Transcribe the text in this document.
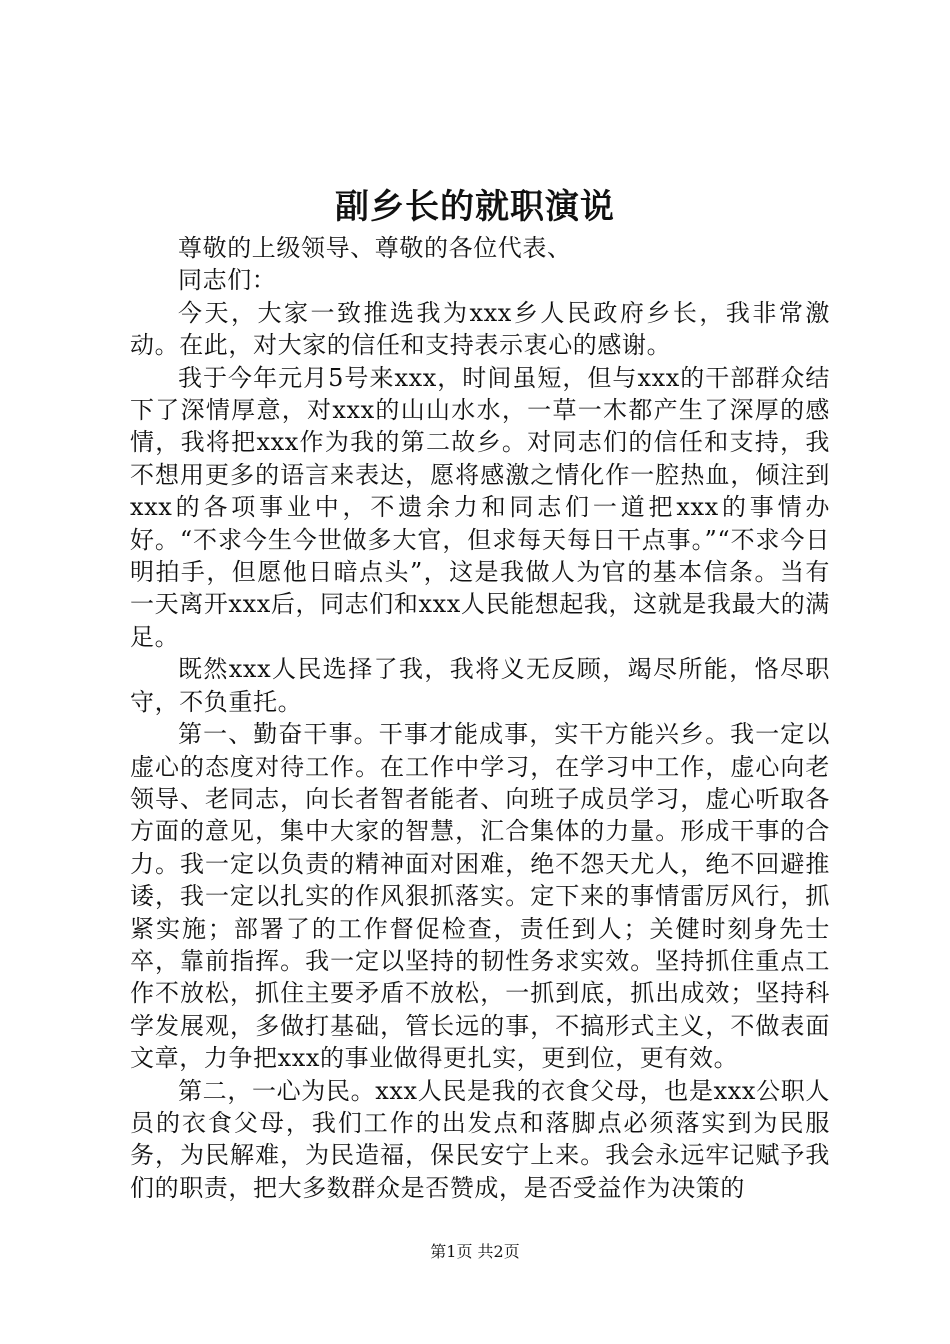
副乡长的就职演说

尊敬的上级领导、尊敬的各位代表、

同志们：

今天，大家一致推选我为xxx乡人民政府乡长，我非常激动。在此，对大家的信任和支持表示衷心的感谢。

我于今年元月5号来xxx，时间虽短，但与xxx的干部群众结下了深情厚意，对xxx的山山水水，一草一木都产生了深厚的感情，我将把xxx作为我的第二故乡。对同志们的信任和支持，我不想用更多的语言来表达，愿将感激之情化作一腔热血，倾注到xxx的各项事业中，不遗余力和同志们一道把xxx的事情办好。“不求今生今世做多大官，但求每天每日干点事。”“不求今日明拍手，但愿他日暗点头”，这是我做人为官的基本信条。当有一天离开xxx后，同志们和xxx人民能想起我，这就是我最大的满足。

既然xxx人民选择了我，我将义无反顾，竭尽所能，恪尽职守，不负重托。

第一、勤奋干事。干事才能成事，实干方能兴乡。我一定以虚心的态度对待工作。在工作中学习，在学习中工作，虚心向老领导、老同志，向长者智者能者、向班子成员学习，虚心听取各方面的意见，集中大家的智慧，汇合集体的力量。形成干事的合力。我一定以负责的精神面对困难，绝不怨天尤人，绝不回避推诿，我一定以扎实的作风狠抓落实。定下来的事情雷厉风行，抓紧实施；部署了的工作督促检查，责任到人；关健时刻身先士卒，靠前指挥。我一定以坚持的韧性务求实效。坚持抓住重点工作不放松，抓住主要矛盾不放松，一抓到底，抓出成效；坚持科学发展观，多做打基础，管长远的事，不搞形式主义，不做表面文章，力争把xxx的事业做得更扎实，更到位，更有效。

第二，一心为民。xxx人民是我的衣食父母，也是xxx公职人员的衣食父母，我们工作的出发点和落脚点必须落实到为民服务，为民解难，为民造福，保民安宁上来。我会永远牢记赋予我们的职责，把大多数群众是否赞成，是否受益作为决策的

第1页 共2页
